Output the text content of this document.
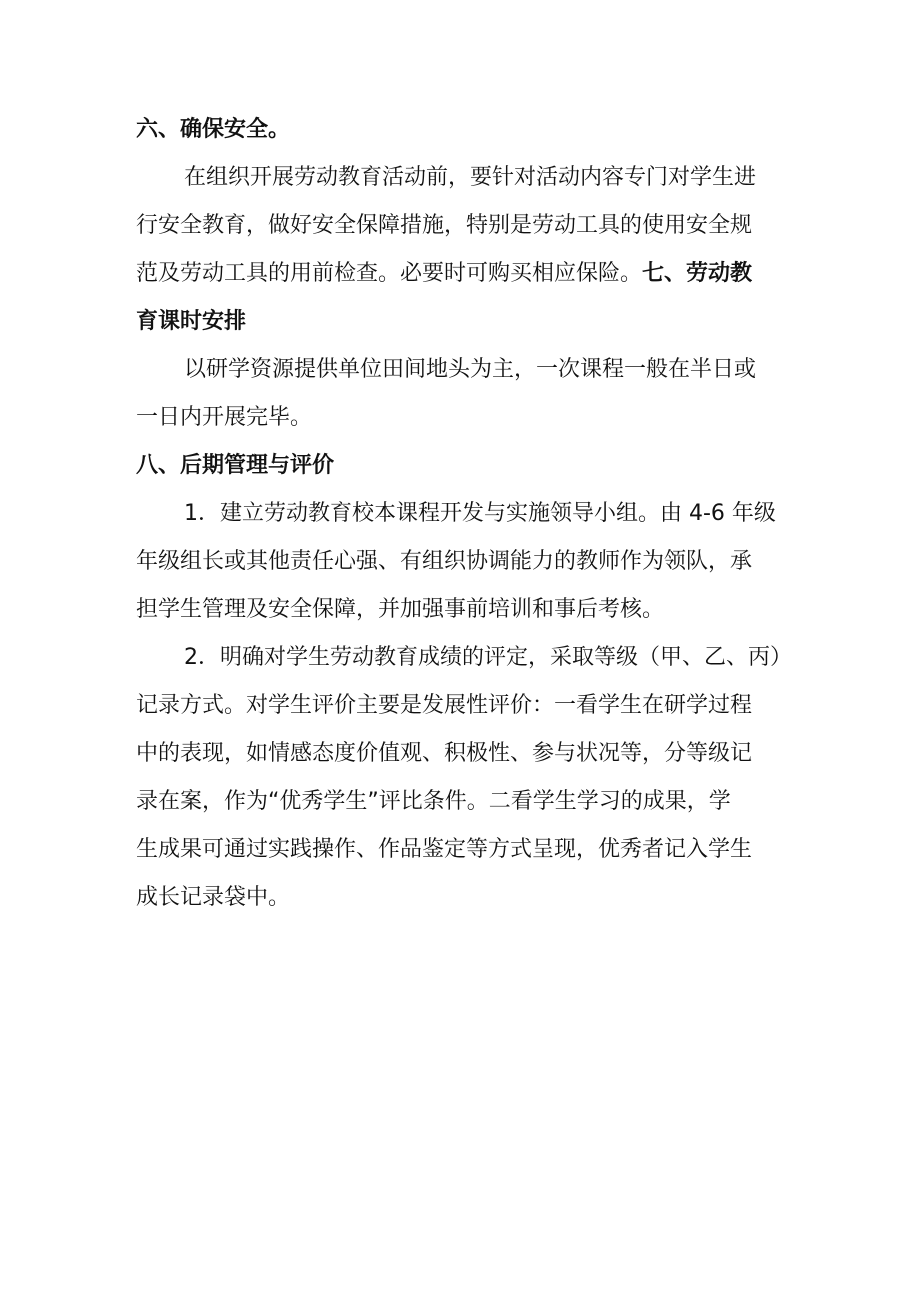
六、确保安全。
在组织开展劳动教育活动前，要针对活动内容专门对学生进
行安全教育，做好安全保障措施，特别是劳动工具的使用安全规
范及劳动工具的用前检查。必要时可购买相应保险。七、劳动教
育课时安排
以研学资源提供单位田间地头为主，一次课程一般在半日或
一日内开展完毕。
八、后期管理与评价
1．建立劳动教育校本课程开发与实施领导小组。由 4-6 年级
年级组长或其他责任心强、有组织协调能力的教师作为领队，承
担学生管理及安全保障，并加强事前培训和事后考核。
2．明确对学生劳动教育成绩的评定，采取等级（甲、乙、丙）
记录方式。对学生评价主要是发展性评价：一看学生在研学过程
中的表现，如情感态度价值观、积极性、参与状况等，分等级记
录在案，作为“优秀学生”评比条件。二看学生学习的成果，学
生成果可通过实践操作、作品鉴定等方式呈现，优秀者记入学生
成长记录袋中。
